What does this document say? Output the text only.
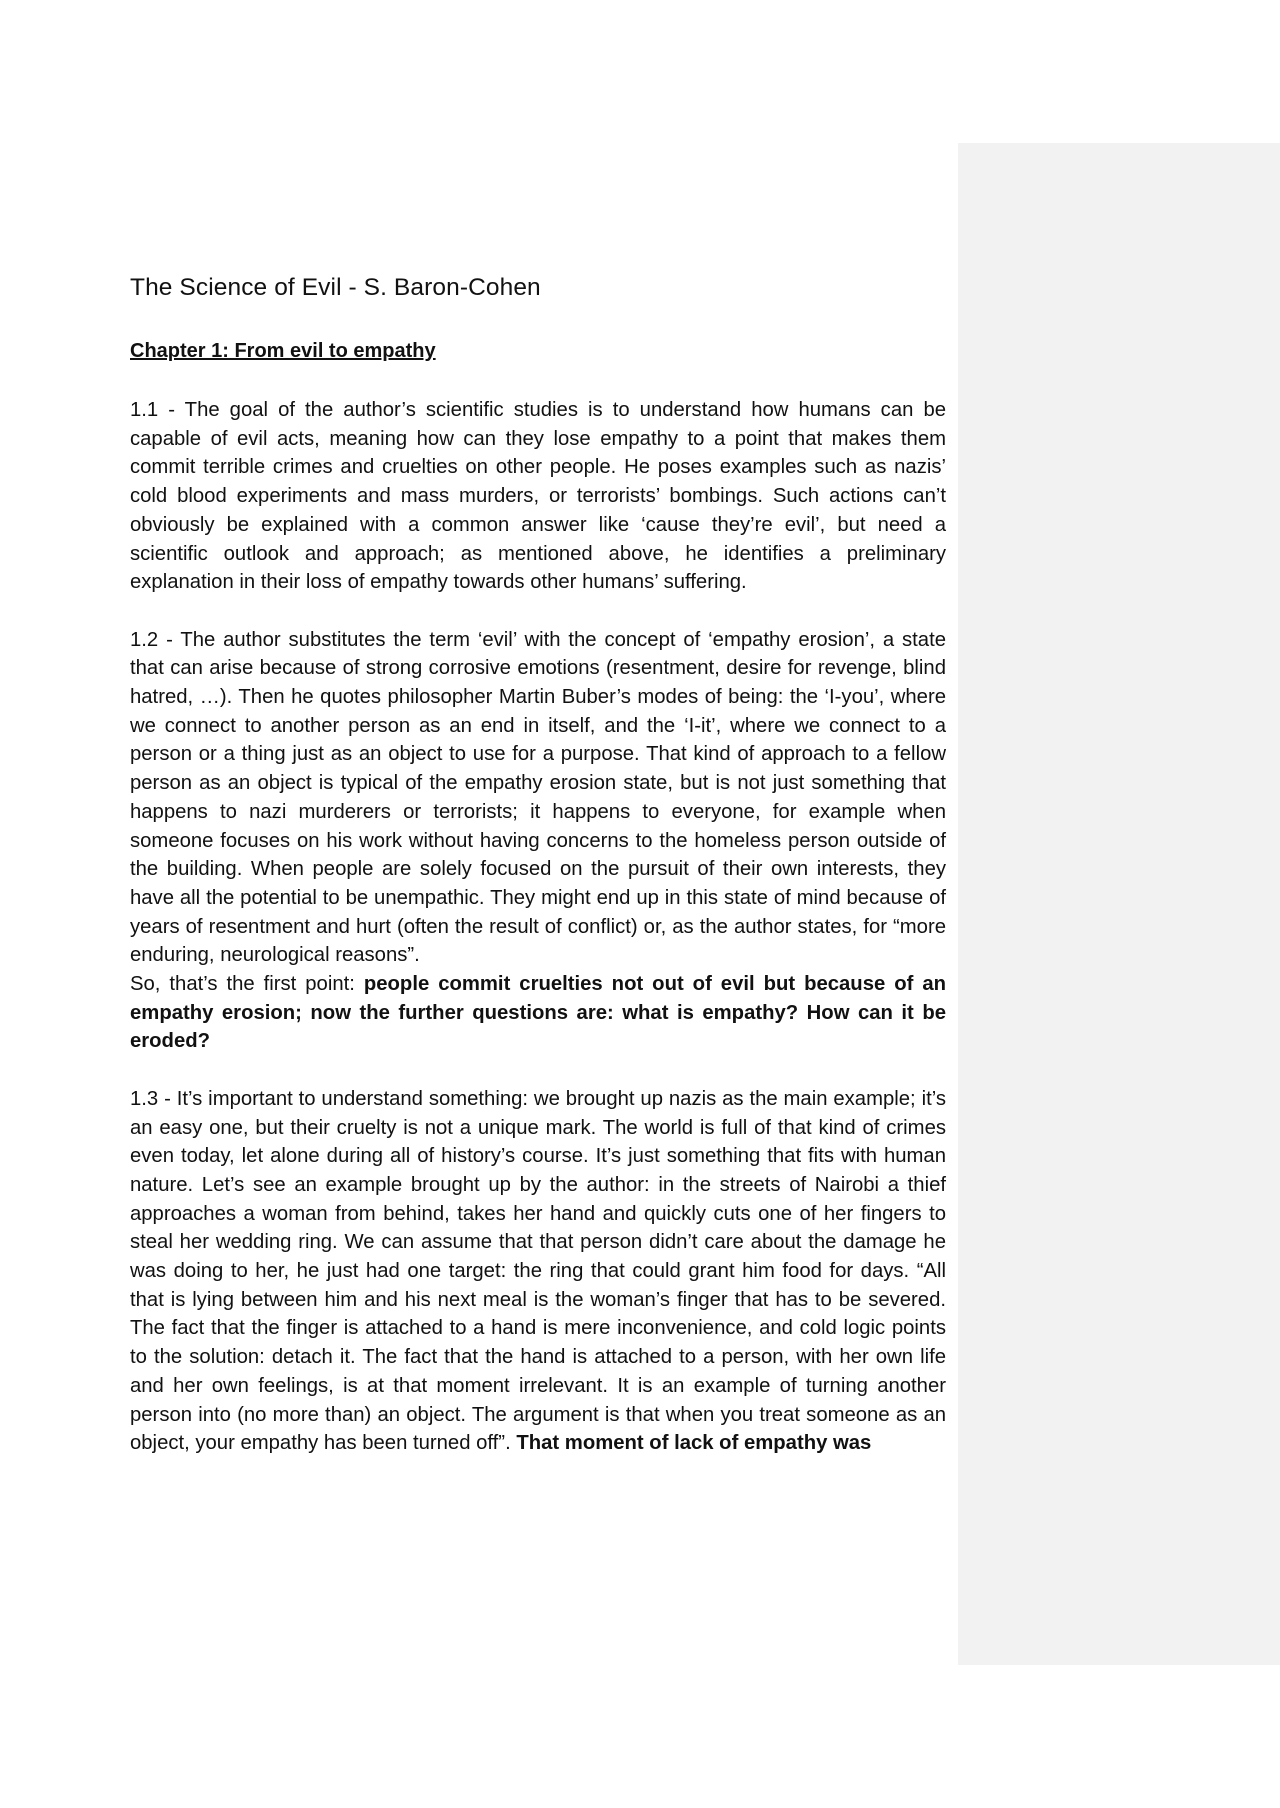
The Science of Evil - S. Baron-Cohen
Chapter 1: From evil to empathy

1.1 - The goal of the author’s scientific studies is to understand how humans can be capable of evil acts, meaning how can they lose empathy to a point that makes them commit terrible crimes and cruelties on other people. He poses examples such as nazis’ cold blood experiments and mass murders, or terrorists’ bombings. Such actions can’t obviously be explained with a common answer like ‘cause they’re evil’, but need a scientific outlook and approach; as mentioned above, he identifies a preliminary explanation in their loss of empathy towards other humans’ suffering.

1.2 - The author substitutes the term ‘evil’ with the concept of ‘empathy erosion’, a state that can arise because of strong corrosive emotions (resentment, desire for revenge, blind hatred, …). Then he quotes philosopher Martin Buber’s modes of being: the ‘I-you’, where we connect to another person as an end in itself, and the ‘I-it’, where we connect to a person or a thing just as an object to use for a purpose. That kind of approach to a fellow person as an object is typical of the empathy erosion state, but is not just something that happens to nazi murderers or terrorists; it happens to everyone, for example when someone focuses on his work without having concerns to the homeless person outside of the building. When people are solely focused on the pursuit of their own interests, they have all the potential to be unempathic. They might end up in this state of mind because of years of resentment and hurt (often the result of conflict) or, as the author states, for “more enduring, neurological reasons”.

So, that’s the first point: people commit cruelties not out of evil but because of an empathy erosion; now the further questions are: what is empathy? How can it be eroded?

1.3 - It’s important to understand something: we brought up nazis as the main example; it’s an easy one, but their cruelty is not a unique mark. The world is full of that kind of crimes even today, let alone during all of history’s course. It’s just something that fits with human nature. Let’s see an example brought up by the author: in the streets of Nairobi a thief approaches a woman from behind, takes her hand and quickly cuts one of her fingers to steal her wedding ring. We can assume that that person didn’t care about the damage he was doing to her, he just had one target: the ring that could grant him food for days. “All that is lying between him and his next meal is the woman’s finger that has to be severed. The fact that the finger is attached to a hand is mere inconvenience, and cold logic points to the solution: detach it. The fact that the hand is attached to a person, with her own life and her own feelings, is at that moment irrelevant. It is an example of turning another person into (no more than) an object. The argument is that when you treat someone as an object, your empathy has been turned off”. That moment of lack of empathy was
